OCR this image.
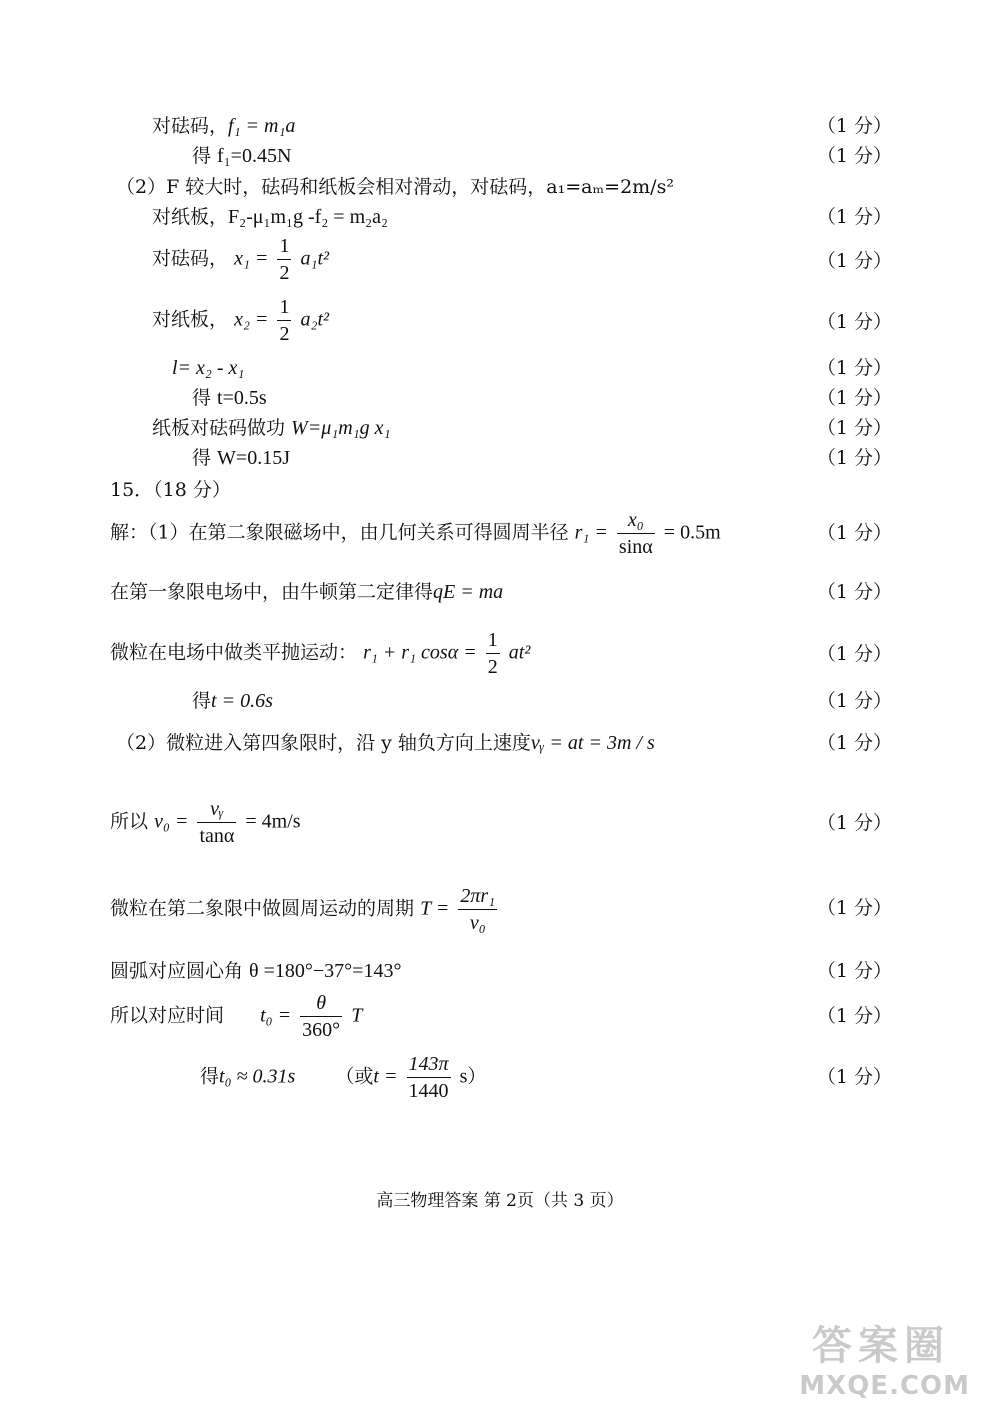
对砝码，f₁ = m₁a	（1 分）
得 f₁=0.45N	（1 分）
（2）F 较大时，砝码和纸板会相对滑动，对砝码，a₁=aₘ=2m/s²
对纸板，F₂-μ₁m₁g -f₂ = m₂a₂	（1 分）
对砝码， $x_1 = \frac{1}{2} a_1t^2$	（1 分）
对纸板， $x_2 = \frac{1}{2} a_2t^2$	（1 分）
l= x₂ - x₁	（1 分）
得 t=0.5s	（1 分）
纸板对砝码做功 W=μ₁m₁g x₁	（1 分）
得 W=0.15J	（1 分）
15．（18 分）
解：（1）在第二象限磁场中，由几何关系可得圆周半径 $r_1 = \frac{\text{x₀}}{\sin\alpha} = 0.5m$	（1 分）
在第一象限电场中，由牛顿第二定律得qE = ma	（1 分）
微粒在电场中做类平抛运动： r₁ + r₁ $\cos\alpha = \frac{1}{2} at^2$	（1 分）
得t = 0.6s	（1 分）
（2）微粒进入第四象限时，沿 y 轴负方向上速度vᵧ = at = 3m / s	（1 分）
所以 $v_0 = \frac{\text{vᵧ}}{\tan\alpha} = 4m/s$	（1 分）
微粒在第二象限中做圆周运动的周期 $T = \frac{\text{2πr₁}}{\text{v₀}}$	（1 分）
圆弧对应圆心角 θ =180°−37°=143°	（1 分）
所以对应时间 $t_0 = \frac{\theta}{360^\circ}$ T	（1 分）
得t₀ ≈ 0.31s （或$t = \frac{143\pi}{1440} s$）	（1 分）
高三物理答案 第 2页（共 3 页）
答案圈
MXQE.COM
